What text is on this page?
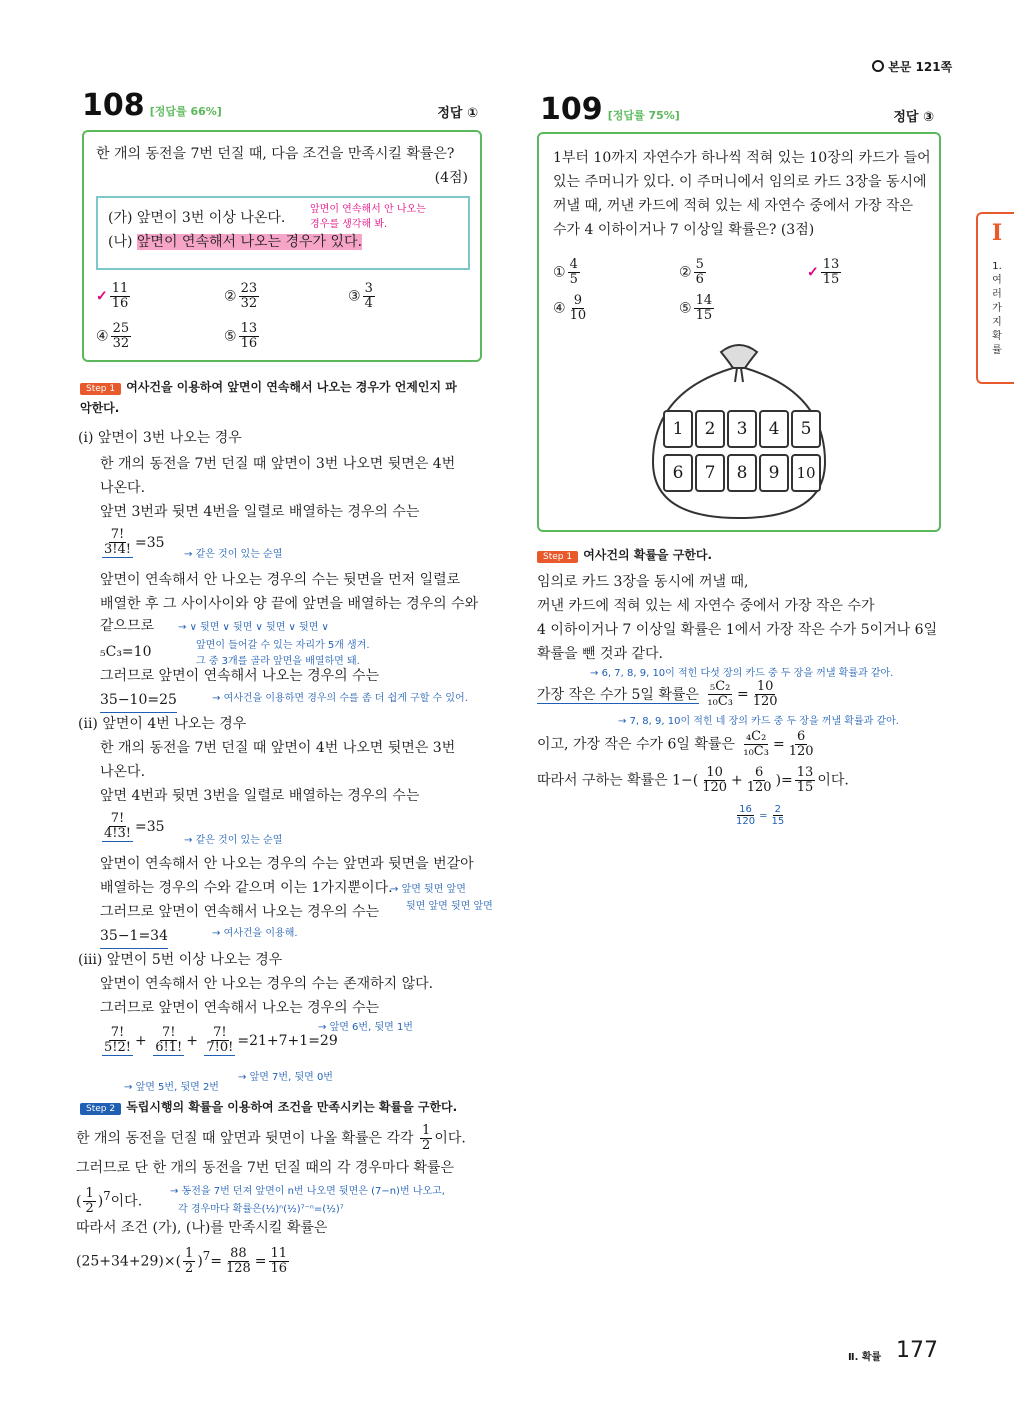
본문 121쪽
108 [정답률 66%]	정답 ①
한 개의 동전을 7번 던질 때, 다음 조건을 만족시킬 확률은?
(4점)
(가) 앞면이 3번 이상 나온다.
(나) 앞면이 연속해서 나오는 경우가 있다.
앞면이 연속해서 안 나오는
경우를 생각해 봐.
✓ $\frac{11}{16}$	② $\frac{23}{32}$	③ $\frac{3}{4}$
④ $\frac{25}{32}$	⑤ $\frac{13}{16}$
Step 1 여사건을 이용하여 앞면이 연속해서 나오는 경우가 언제인지 파
악한다.
(ⅰ) 앞면이 3번 나오는 경우
한 개의 동전을 7번 던질 때 앞면이 3번 나오면 뒷면은 4번
나온다.
앞면 3번과 뒷면 4번을 일렬로 배열하는 경우의 수는
$\frac{7!}{3!4!} =35$
→ 같은 것이 있는 순열
앞면이 연속해서 안 나오는 경우의 수는 뒷면을 먼저 일렬로
배열한 후 그 사이사이와 양 끝에 앞면을 배열하는 경우의 수와
같으므로 → ∨ 뒷면 ∨ 뒷면 ∨ 뒷면 ∨ 뒷면 ∨
앞면이 들어갈 수 있는 자리가 5개 생겨.
₅C₃=10
그 중 3개를 골라 앞면을 배열하면 돼.
그러므로 앞면이 연속해서 나오는 경우의 수는
35−10=25	→ 여사건을 이용하면 경우의 수를 좀 더 쉽게 구할 수 있어.
(ⅱ) 앞면이 4번 나오는 경우
한 개의 동전을 7번 던질 때 앞면이 4번 나오면 뒷면은 3번
나온다.
앞면 4번과 뒷면 3번을 일렬로 배열하는 경우의 수는
$\frac{7!}{4!3!} =35$
→ 같은 것이 있는 순열
앞면이 연속해서 안 나오는 경우의 수는 앞면과 뒷면을 번갈아
배열하는 경우의 수와 같으며 이는 1가지뿐이다.
→ 앞면 뒷면 앞면
뒷면 앞면 뒷면 앞면
그러므로 앞면이 연속해서 나오는 경우의 수는
35−1=34	→ 여사건을 이용해.
(ⅲ) 앞면이 5번 이상 나오는 경우
앞면이 연속해서 안 나오는 경우의 수는 존재하지 않다.
그러므로 앞면이 연속해서 나오는 경우의 수는
→ 앞면 6번, 뒷면 1번
$\frac{7!}{5!2!} + \frac{7!}{6!1!} + \frac{7!}{7!0!} =21+7+1=29$
→ 앞면 7번, 뒷면 0번
→ 앞면 5번, 뒷면 2번
Step 2 독립시행의 확률을 이용하여 조건을 만족시키는 확률을 구한다.
한 개의 동전을 던질 때 앞면과 뒷면이 나올 확률은 각각 $\frac{1}{2}$ 이다.
그러므로 단 한 개의 동전을 7번 던질 때의 각 경우마다 확률은
( $\frac{1}{2} )^7$이다.
→ 동전을 7번 던져 앞면이 n번 나오면 뒷면은 (7−n)번 나오고,
각 경우마다 확률은(½)ⁿ(½)⁷⁻ⁿ=(½)⁷
따라서 조건 (가), (나)를 만족시킬 확률은
$(25+34+29)\times( \frac{1}{2} )^7= \frac{88}{128} = \frac{11}{16}$
109 [정답률 75%]	정답 ③
1부터 10까지 자연수가 하나씩 적혀 있는 10장의 카드가 들어
있는 주머니가 있다. 이 주머니에서 임의로 카드 3장을 동시에
꺼낼 때, 꺼낸 카드에 적혀 있는 세 자연수 중에서 가장 작은
수가 4 이하이거나 7 이상일 확률은? (3점)
① $\frac{4}{5}$	② $\frac{5}{6}$	✓ $\frac{13}{15}$
④ $\frac{9}{10}$	⑤ $\frac{14}{15}$
1	2	3	4	5
6	7	8	9	10
Step 1 여사건의 확률을 구한다.
임의로 카드 3장을 동시에 꺼낼 때,
꺼낸 카드에 적혀 있는 세 자연수 중에서 가장 작은 수가
4 이하이거나 7 이상일 확률은 1에서 가장 작은 수가 5이거나 6일
확률을 뺀 것과 같다.
→ 6, 7, 8, 9, 10이 적힌 다섯 장의 카드 중 두 장을 꺼낼 확률과 같아.
가장 작은 수가 5일 확률은 $\frac{\text{₅C₂}}{\text{₁₀C₃}} = \frac{10}{120}$
→ 7, 8, 9, 10이 적힌 네 장의 카드 중 두 장을 꺼낼 확률과 같아.
이고, 가장 작은 수가 6일 확률은 $\frac{\text{₄C₂}}{\text{₁₀C₃}} = \frac{6}{120}$
따라서 구하는 확률은 $1-( \frac{10}{120} + \frac{6}{120}$ )= $\frac{13}{15}$ 이다.
$\frac{16}{120} = \frac{2}{15}$
Ⅰ
1.
여
러
가
지
확
률
Ⅱ. 확률 177
